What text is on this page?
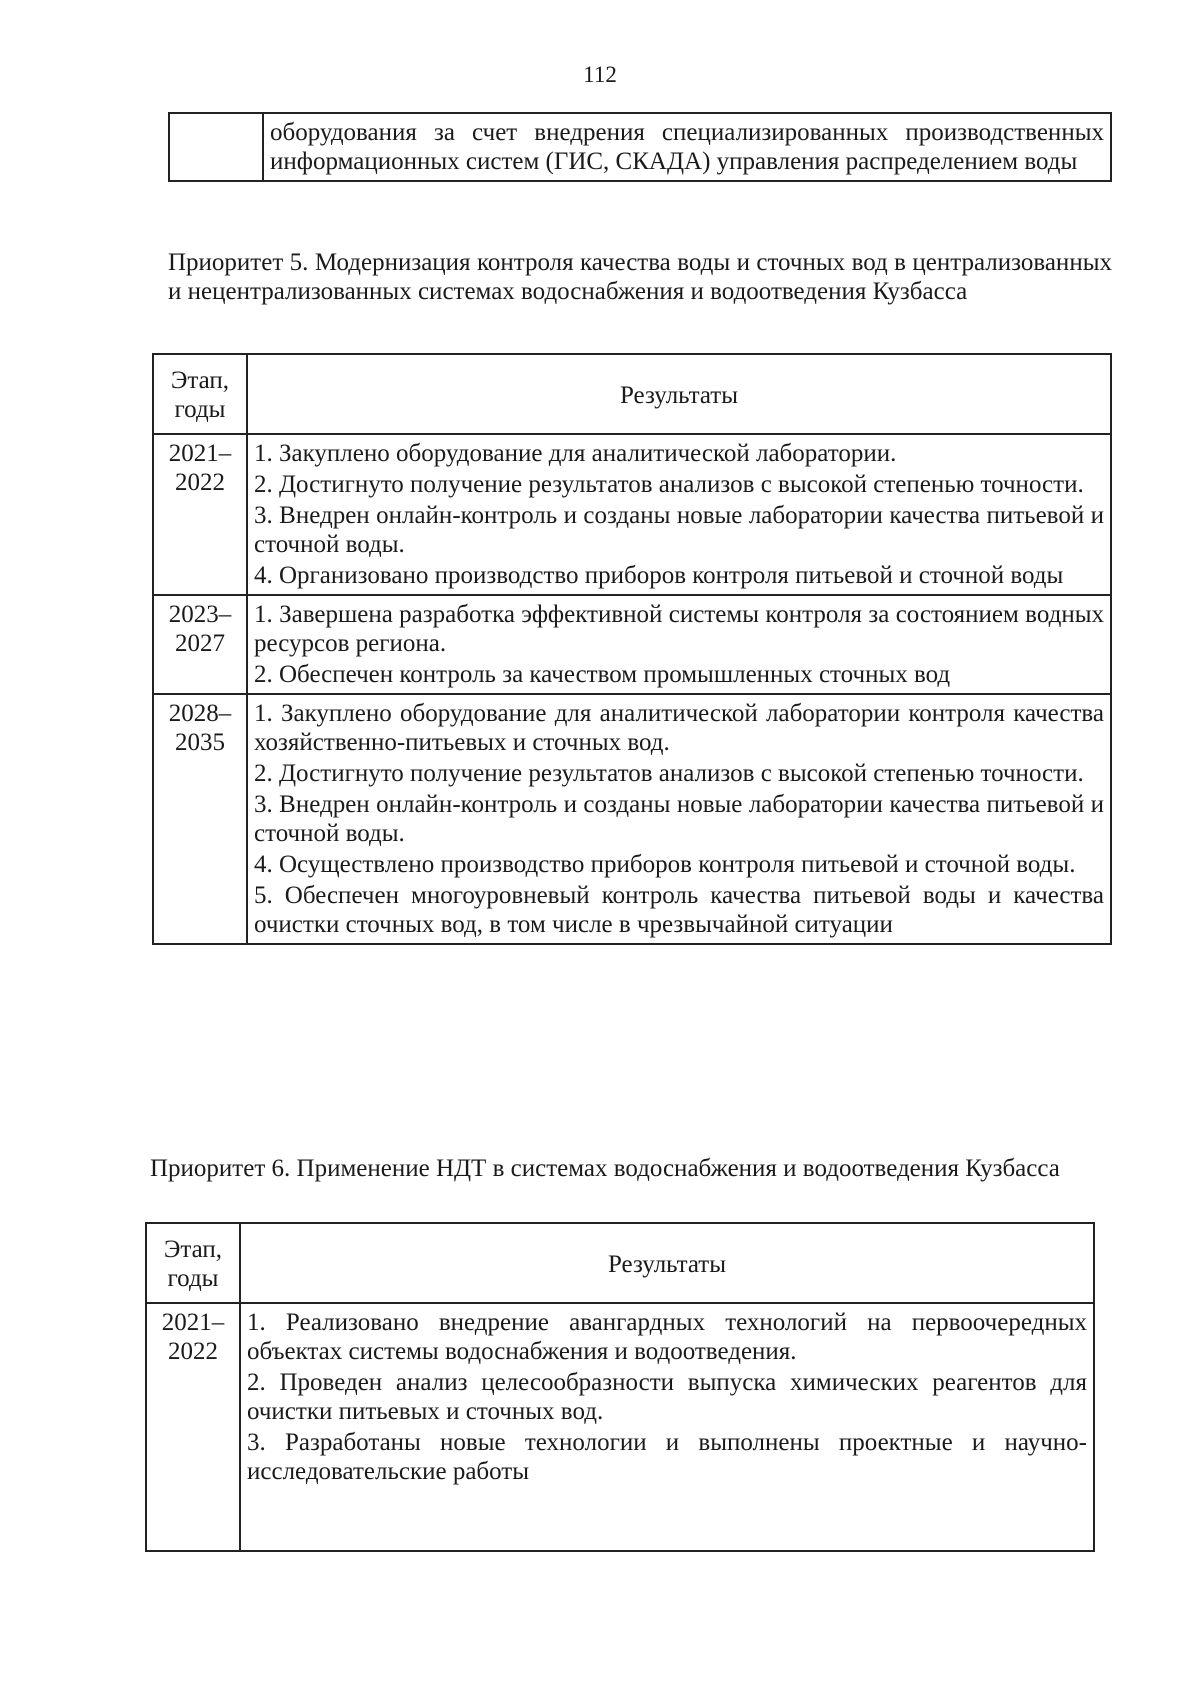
112

оборудования за счет внедрения специализированных производственных информационных систем (ГИС, СКАДА) управления распределением воды
Приоритет 5. Модернизация контроля качества воды и сточных вод в централизованных и нецентрализованных системах водоснабжения и водоотведения Кузбасса
Этап, годы	Результаты
2021– 2022	1. Закуплено оборудование для аналитической лаборатории.
2. Достигнуто получение результатов анализов с высокой степенью точности.
3. Внедрен онлайн-контроль и созданы новые лаборатории качества питьевой и сточной воды.
4. Организовано производство приборов контроля питьевой и сточной воды

2023– 2027	1. Завершена разработка эффективной системы контроля за состоянием водных ресурсов региона.
2. Обеспечен контроль за качеством промышленных сточных вод

2028– 2035	1. Закуплено оборудование для аналитической лаборатории контроля качества хозяйственно-питьевых и сточных вод.
2. Достигнуто получение результатов анализов с высокой степенью точности.
3. Внедрен онлайн-контроль и созданы новые лаборатории качества питьевой и сточной воды.
4. Осуществлено производство приборов контроля питьевой и сточной воды.
5. Обеспечен многоуровневый контроль качества питьевой воды и качества очистки сточных вод, в том числе в чрезвычайной ситуации
Приоритет 6. Применение НДТ в системах водоснабжения и водоотведения Кузбасса
Этап, годы	Результаты
2021– 2022	1. Реализовано внедрение авангардных технологий на первоочередных объектах системы водоснабжения и водоотведения.
2. Проведен анализ целесообразности выпуска химических реагентов для очистки питьевых и сточных вод.
3. Разработаны новые технологии и выполнены проектные и научно-исследовательские работы
